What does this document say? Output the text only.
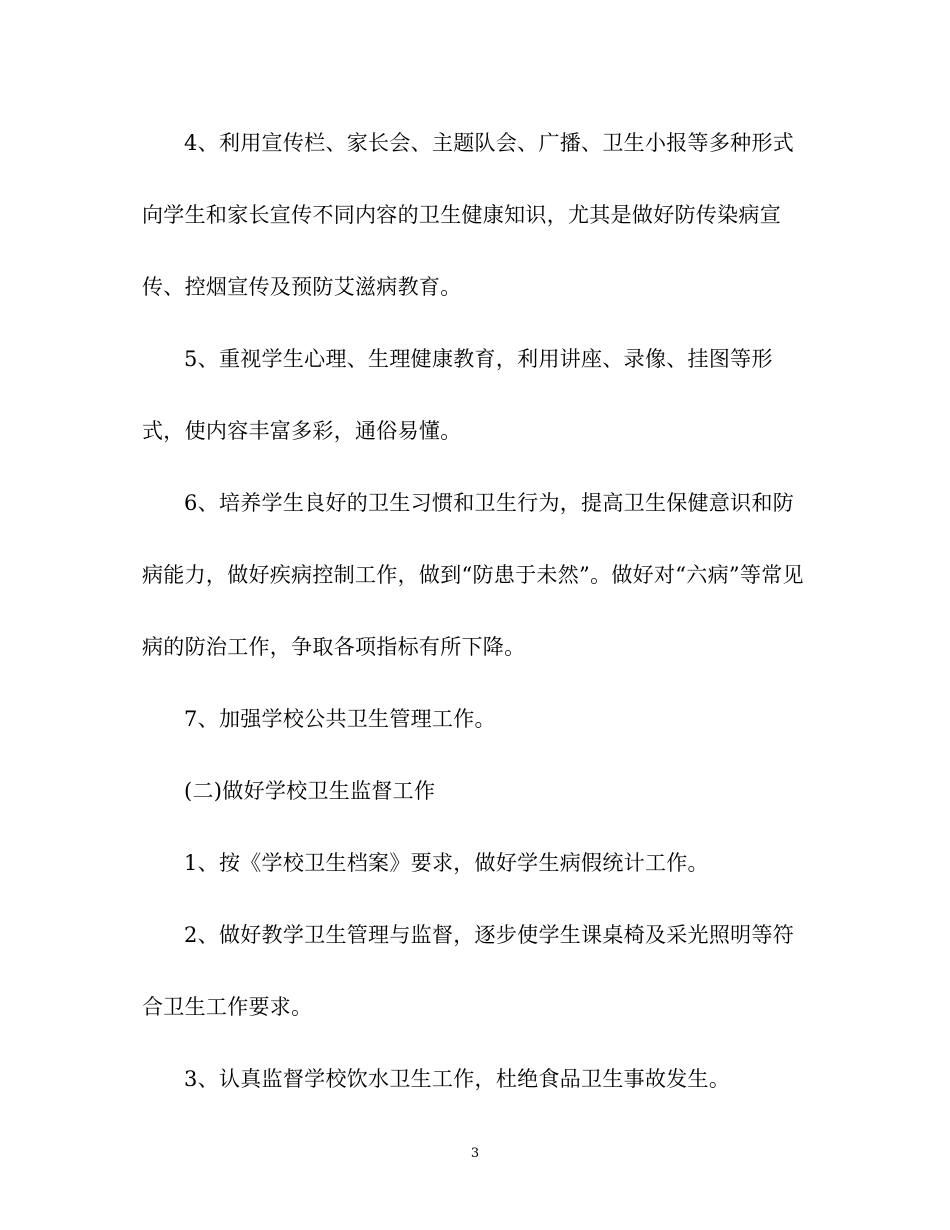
4、利用宣传栏、家长会、主题队会、广播、卫生小报等多种形式
向学生和家长宣传不同内容的卫生健康知识，尤其是做好防传染病宣
传、控烟宣传及预防艾滋病教育。
5、重视学生心理、生理健康教育，利用讲座、录像、挂图等形
式，使内容丰富多彩，通俗易懂。
6、培养学生良好的卫生习惯和卫生行为，提高卫生保健意识和防
病能力，做好疾病控制工作，做到“防患于未然”。做好对“六病”等常见
病的防治工作，争取各项指标有所下降。
7、加强学校公共卫生管理工作。
(二)做好学校卫生监督工作
1、按《学校卫生档案》要求，做好学生病假统计工作。
2、做好教学卫生管理与监督，逐步使学生课桌椅及采光照明等符
合卫生工作要求。
3、认真监督学校饮水卫生工作，杜绝食品卫生事故发生。
3
